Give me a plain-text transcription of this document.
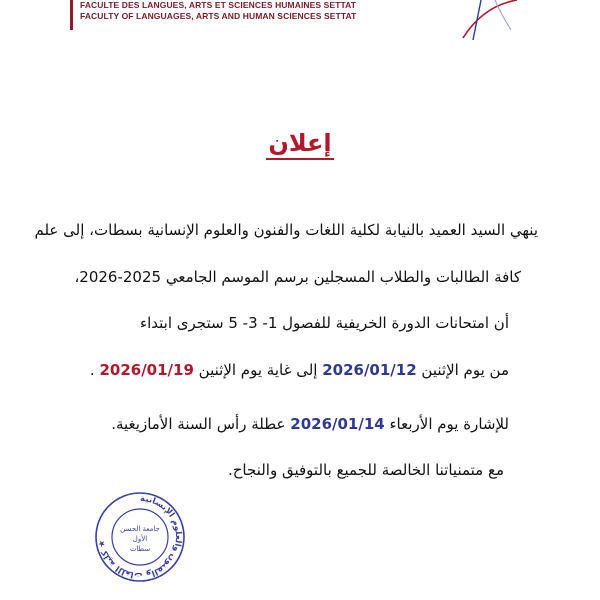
FACULTE DES LANGUES, ARTS ET SCIENCES HUMAINES SETTAT
FACULTY OF LANGUAGES, ARTS AND HUMAN SCIENCES SETTAT
إعلان
ينهي السيد العميد بالنيابة لكلية اللغات والفنون والعلوم الإنسانية بسطات، إلى علم
كافة الطالبات والطلاب المسجلين برسم الموسم الجامعي 2025-2026،
أن امتحانات الدورة الخريفية للفصول 1- 3- 5 ستجرى ابتداء
من يوم الإثنين 2026/01/12 إلى غاية يوم الإثنين 2026/01/19 .
للإشارة يوم الأربعاء 2026/01/14 عطلة رأس السنة الأمازيغية.
مع متمنياتنا الخالصة للجميع بالتوفيق والنجاح.
كلية اللغات والفنون والعلوم الإنسانية ★
جامعة الحسن
الأول
سطات
